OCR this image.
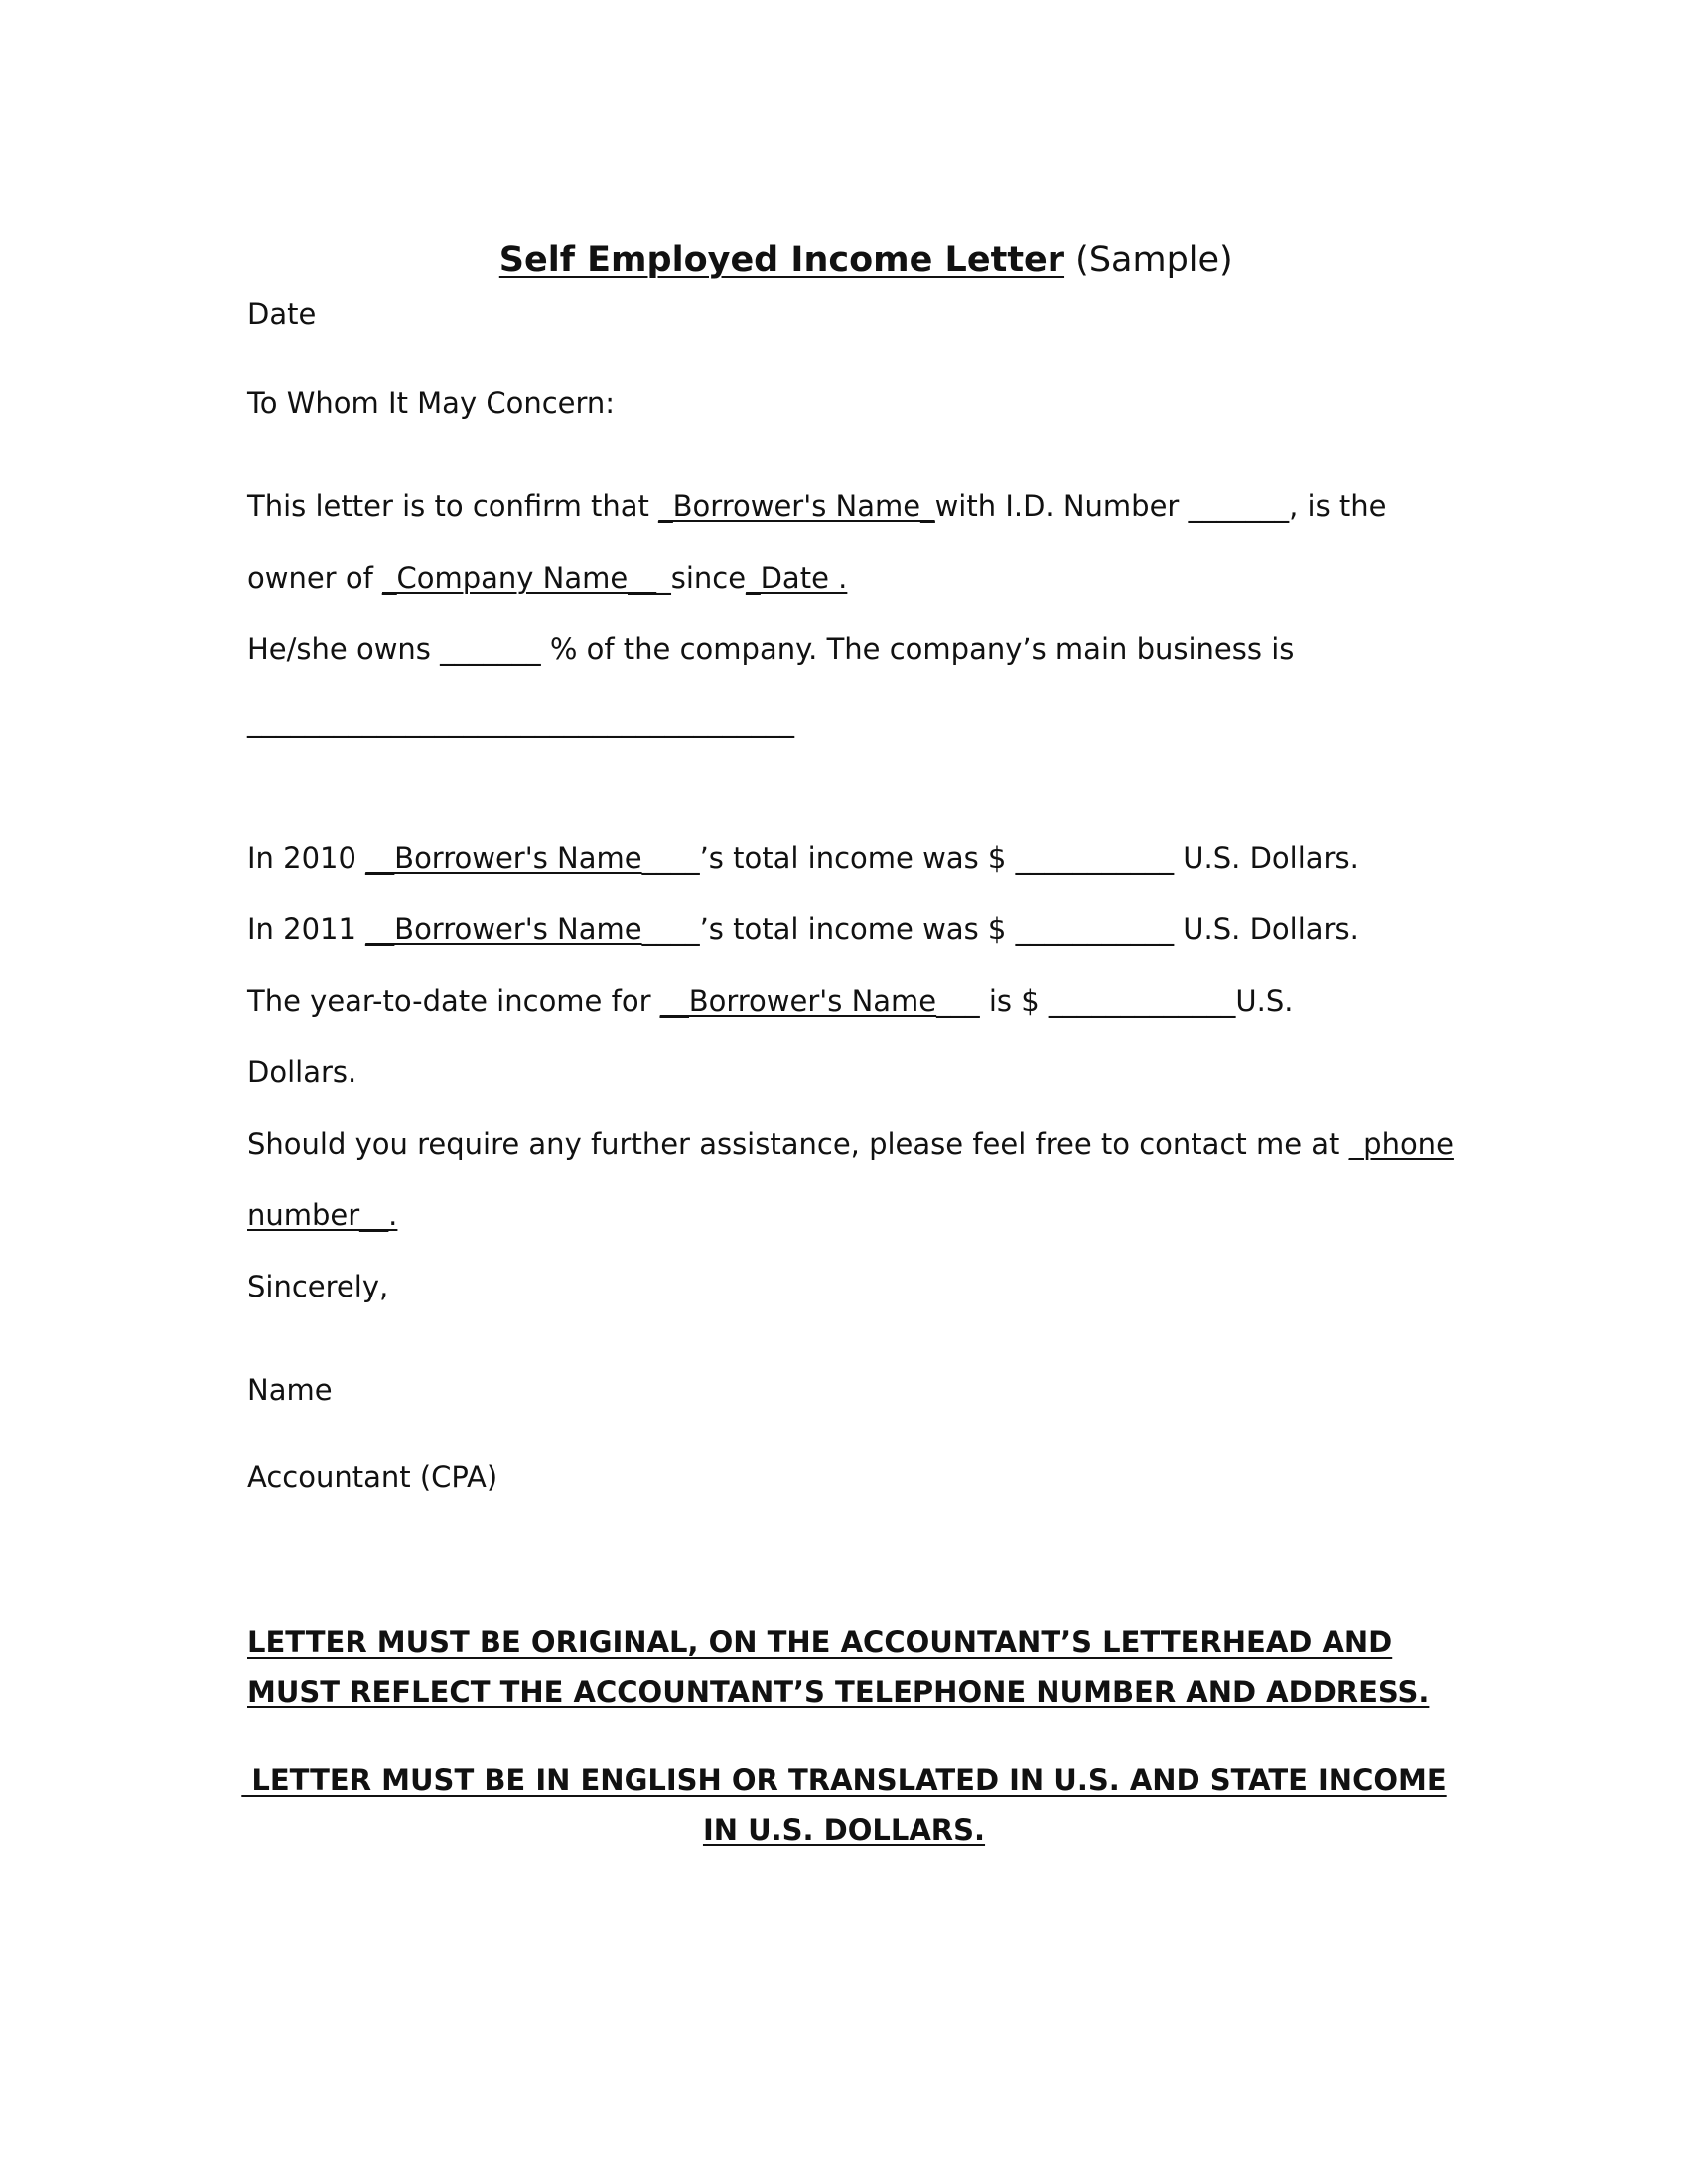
Self Employed Income Letter (Sample)

Date
To Whom It May Concern:
This letter is to confirm that _Borrower's Name_with I.D. Number _______, is the
owner of _Company Name___since_Date .
He/she owns _______ % of the company. The company’s main business is
______________________________________
In 2010 __Borrower's Name____’s total income was $ ___________ U.S. Dollars.
In 2011 __Borrower's Name____’s total income was $ ___________ U.S. Dollars.
The year-to-date income for __Borrower's Name___ is $ _____________U.S.
Dollars.
Should you require any further assistance, please feel free to contact me at _phone
number__.
Sincerely,
Name
Accountant (CPA)
LETTER MUST BE ORIGINAL, ON THE ACCOUNTANT’S LETTERHEAD AND
MUST REFLECT THE ACCOUNTANT’S TELEPHONE NUMBER AND ADDRESS.
LETTER MUST BE IN ENGLISH OR TRANSLATED IN U.S. AND STATE INCOME
IN U.S. DOLLARS.
